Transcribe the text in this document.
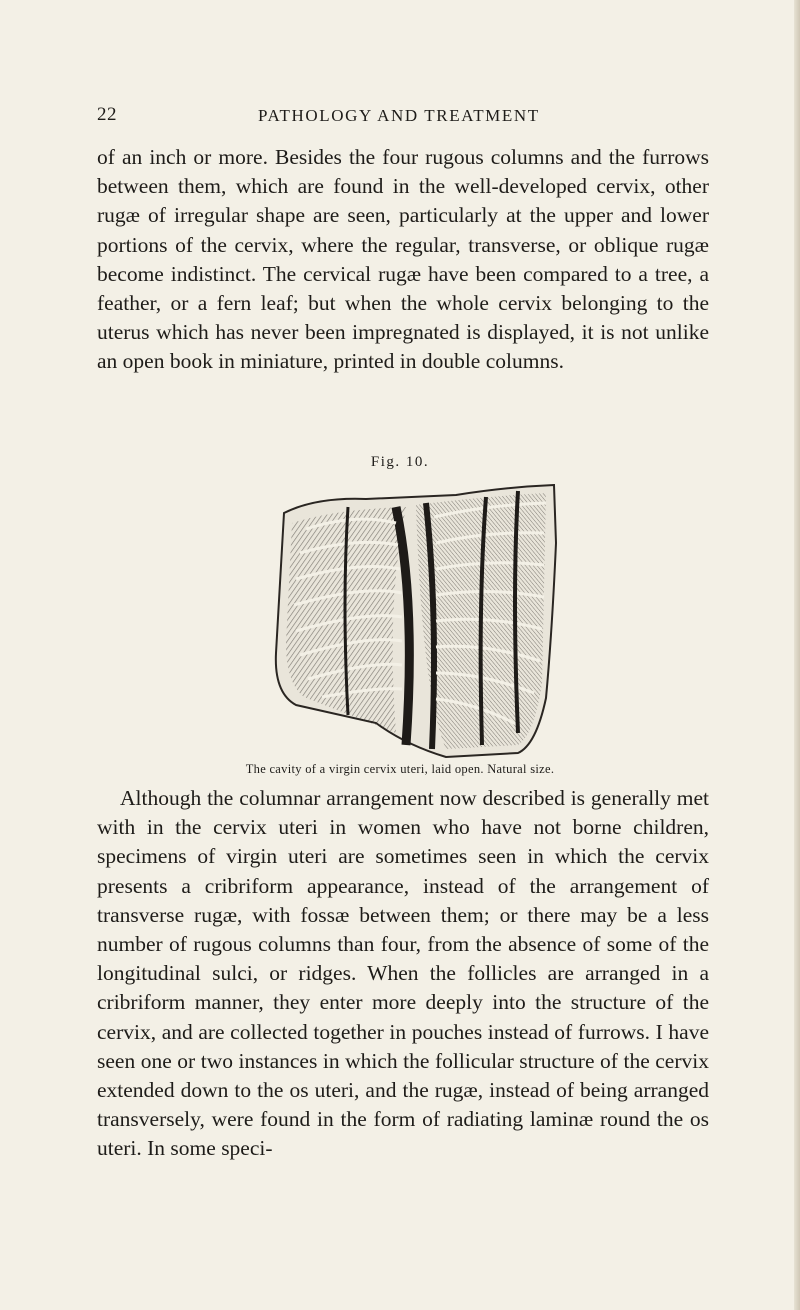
22	PATHOLOGY AND TREATMENT

of an inch or more. Besides the four rugous columns and the furrows between them, which are found in the well-developed cervix, other rugæ of irregular shape are seen, particularly at the upper and lower portions of the cervix, where the regular, transverse, or oblique rugæ become indistinct. The cervical rugæ have been compared to a tree, a feather, or a fern leaf; but when the whole cervix belonging to the uterus which has never been impregnated is displayed, it is not unlike an open book in miniature, printed in double columns.

Fig. 10.
The cavity of a virgin cervix uteri, laid open. Natural size.

Although the columnar arrangement now described is generally met with in the cervix uteri in women who have not borne children, specimens of virgin uteri are sometimes seen in which the cervix presents a cribriform appearance, instead of the arrangement of transverse rugæ, with fossæ between them; or there may be a less number of rugous columns than four, from the absence of some of the longitudinal sulci, or ridges. When the follicles are arranged in a cribriform manner, they enter more deeply into the structure of the cervix, and are collected together in pouches instead of furrows. I have seen one or two instances in which the follicular structure of the cervix extended down to the os uteri, and the rugæ, instead of being arranged transversely, were found in the form of radiating laminæ round the os uteri. In some speci-
